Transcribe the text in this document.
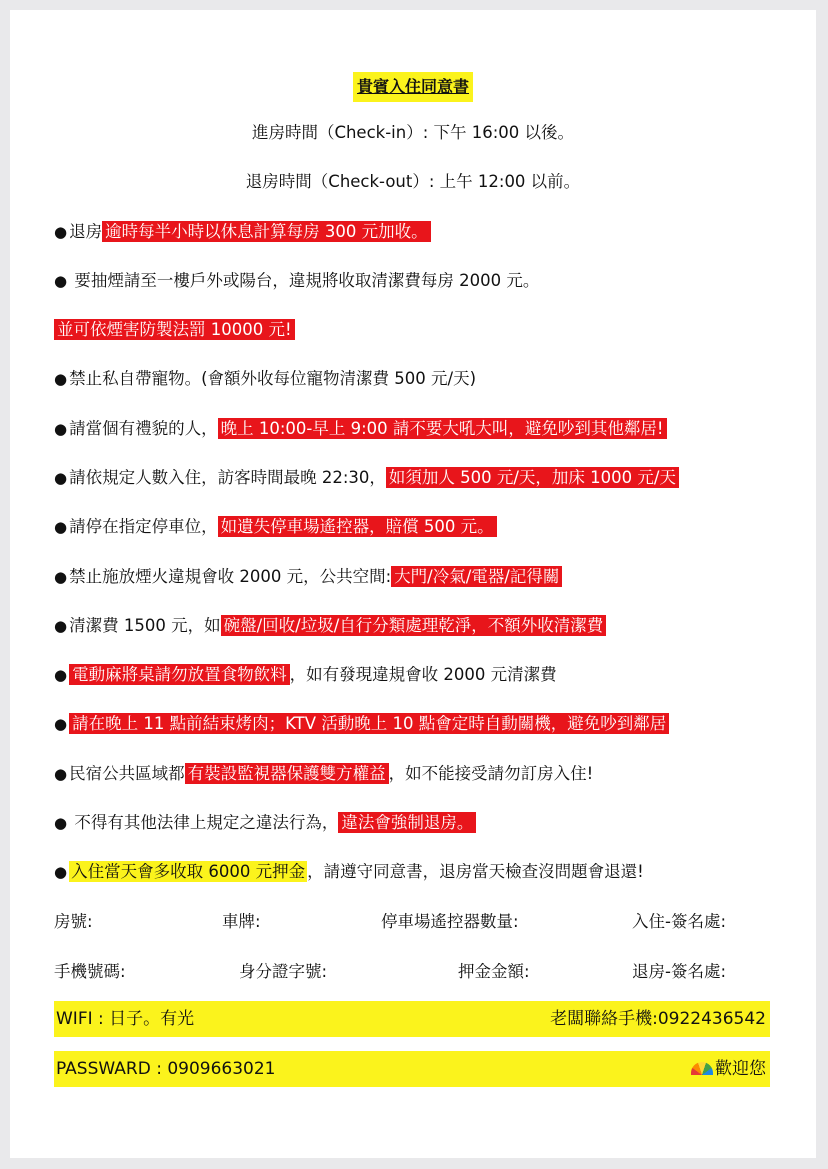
貴賓入住同意書
進房時間（Check-in）: 下午 16:00 以後。
退房時間（Check-out）: 上午 12:00 以前。
● 退房 逾時每半小時以休息計算每房 300 元加收。
● 要抽煙請至一樓戶外或陽台，違規將收取清潔費每房 2000 元。
並可依煙害防製法罰 10000 元!
● 禁止私自帶寵物。(會額外收每位寵物清潔費 500 元/天)
● 請當個有禮貌的人， 晚上 10:00-早上 9:00 請不要大吼大叫，避免吵到其他鄰居!
● 請依規定人數入住，訪客時間最晚 22:30， 如須加人 500 元/天，加床 1000 元/天
● 請停在指定停車位， 如遺失停車場遙控器，賠償 500 元。
● 禁止施放煙火違規會收 2000 元，公共空間: 大門/冷氣/電器/記得關
● 清潔費 1500 元，如 碗盤/回收/垃圾/自行分類處理乾淨，不額外收清潔費
● 電動麻將桌請勿放置食物飲料 ，如有發現違規會收 2000 元清潔費
● 請在晚上 11 點前結束烤肉；KTV 活動晚上 10 點會定時自動關機，避免吵到鄰居
● 民宿公共區域都 有裝設監視器保護雙方權益 ，如不能接受請勿訂房入住!
● 不得有其他法律上規定之違法行為， 違法會強制退房。
● 入住當天會多收取 6000 元押金 ，請遵守同意書，退房當天檢查沒問題會退還!
房號:	車牌:	停車場遙控器數量:	入住-簽名處:
手機號碼:	身分證字號:	押金金額:	退房-簽名處:
WIFI : 日子。有光	老闆聯絡手機:0922436542
PASSWARD : 0909663021	歡迎您
